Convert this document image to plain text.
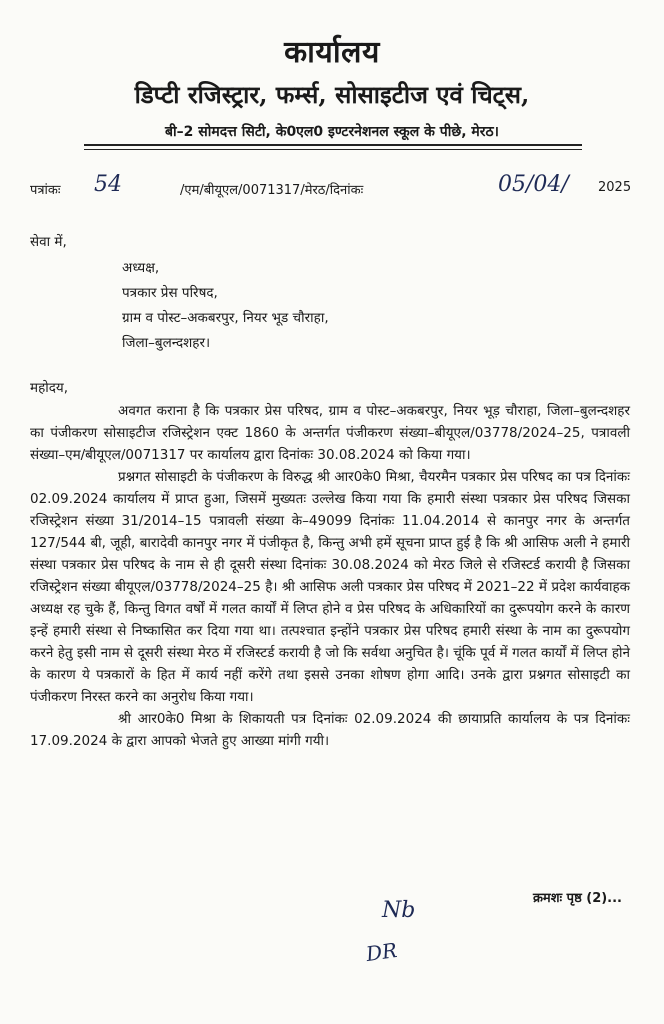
कार्यालय
डिप्टी रजिस्ट्रार, फर्म्स, सोसाइटीज एवं चिट्स,
बी–2 सोमदत्त सिटी, के0एल0 इण्टरनेशनल स्कूल के पीछे, मेरठ।
पत्रांकः 54	/एम/बीयूएल/0071317/मेरठ/दिनांकः	05/04/ 2025
सेवा में,
अध्यक्ष,
पत्रकार प्रेस परिषद,
ग्राम व पोस्ट–अकबरपुर, नियर भूड चौराहा,
जिला–बुलन्दशहर।
महोदय,

अवगत कराना है कि पत्रकार प्रेस परिषद, ग्राम व पोस्ट–अकबरपुर, नियर भूड़ चौराहा, जिला–बुलन्दशहर का पंजीकरण सोसाइटीज रजिस्ट्रेशन एक्ट 1860 के अन्तर्गत पंजीकरण संख्या–बीयूएल/03778/2024–25, पत्रावली संख्या–एम/बीयूएल/0071317 पर कार्यालय द्वारा दिनांकः 30.08.2024 को किया गया।

प्रश्नगत सोसाइटी के पंजीकरण के विरुद्ध श्री आर0के0 मिश्रा, चैयरमैन पत्रकार प्रेस परिषद का पत्र दिनांकः 02.09.2024 कार्यालय में प्राप्त हुआ, जिसमें मुख्यतः उल्लेख किया गया कि हमारी संस्था पत्रकार प्रेस परिषद जिसका रजिस्ट्रेशन संख्या 31/2014–15 पत्रावली संख्या के–49099 दिनांकः 11.04.2014 से कानपुर नगर के अन्तर्गत 127/544 बी, जूही, बारादेवी कानपुर नगर में पंजीकृत है, किन्तु अभी हमें सूचना प्राप्त हुई है कि श्री आसिफ अली ने हमारी संस्था पत्रकार प्रेस परिषद के नाम से ही दूसरी संस्था दिनांकः 30.08.2024 को मेरठ जिले से रजिस्टर्ड करायी है जिसका रजिस्ट्रेशन संख्या बीयूएल/03778/2024–25 है। श्री आसिफ अली पत्रकार प्रेस परिषद में 2021–22 में प्रदेश कार्यवाहक अध्यक्ष रह चुके हैं, किन्तु विगत वर्षों में गलत कार्यों में लिप्त होने व प्रेस परिषद के अधिकारियों का दुरूपयोग करने के कारण इन्हें हमारी संस्था से निष्कासित कर दिया गया था। तत्पश्चात इन्होंने पत्रकार प्रेस परिषद हमारी संस्था के नाम का दुरूपयोग करने हेतु इसी नाम से दूसरी संस्था मेरठ में रजिस्टर्ड करायी है जो कि सर्वथा अनुचित है। चूंकि पूर्व में गलत कार्यों में लिप्त होने के कारण ये पत्रकारों के हित में कार्य नहीं करेंगे तथा इससे उनका शोषण होगा आदि। उनके द्वारा प्रश्नगत सोसाइटी का पंजीकरण निरस्त करने का अनुरोध किया गया।

श्री आर0के0 मिश्रा के शिकायती पत्र दिनांकः 02.09.2024 की छायाप्रति कार्यालय के पत्र दिनांकः 17.09.2024 के द्वारा आपको भेजते हुए आख्या मांगी गयी।

Nb	क्रमशः पृष्ठ (2)...
DR
